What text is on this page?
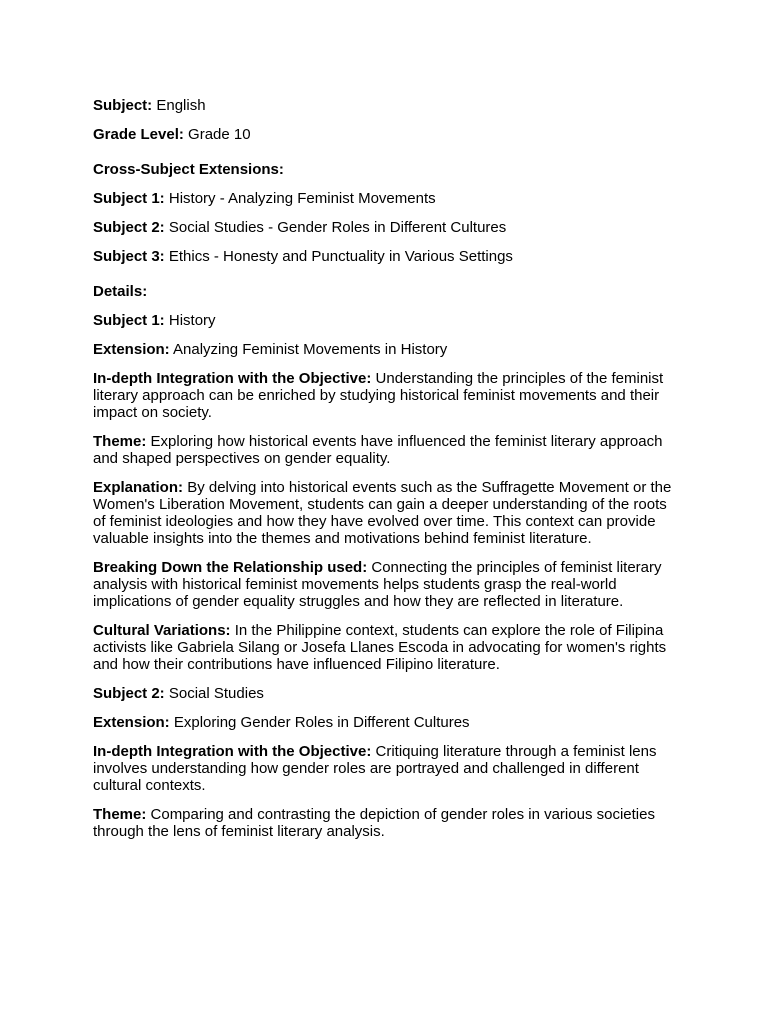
Subject: English

Grade Level: Grade 10

Cross-Subject Extensions:

Subject 1: History - Analyzing Feminist Movements

Subject 2: Social Studies - Gender Roles in Different Cultures

Subject 3: Ethics - Honesty and Punctuality in Various Settings

Details:

Subject 1: History

Extension: Analyzing Feminist Movements in History

In-depth Integration with the Objective: Understanding the principles of the feminist literary approach can be enriched by studying historical feminist movements and their impact on society.

Theme: Exploring how historical events have influenced the feminist literary approach and shaped perspectives on gender equality.

Explanation: By delving into historical events such as the Suffragette Movement or the Women's Liberation Movement, students can gain a deeper understanding of the roots of feminist ideologies and how they have evolved over time. This context can provide valuable insights into the themes and motivations behind feminist literature.

Breaking Down the Relationship used: Connecting the principles of feminist literary analysis with historical feminist movements helps students grasp the real-world implications of gender equality struggles and how they are reflected in literature.

Cultural Variations: In the Philippine context, students can explore the role of Filipina activists like Gabriela Silang or Josefa Llanes Escoda in advocating for women's rights and how their contributions have influenced Filipino literature.

Subject 2: Social Studies

Extension: Exploring Gender Roles in Different Cultures

In-depth Integration with the Objective: Critiquing literature through a feminist lens involves understanding how gender roles are portrayed and challenged in different cultural contexts.

Theme: Comparing and contrasting the depiction of gender roles in various societies through the lens of feminist literary analysis.
